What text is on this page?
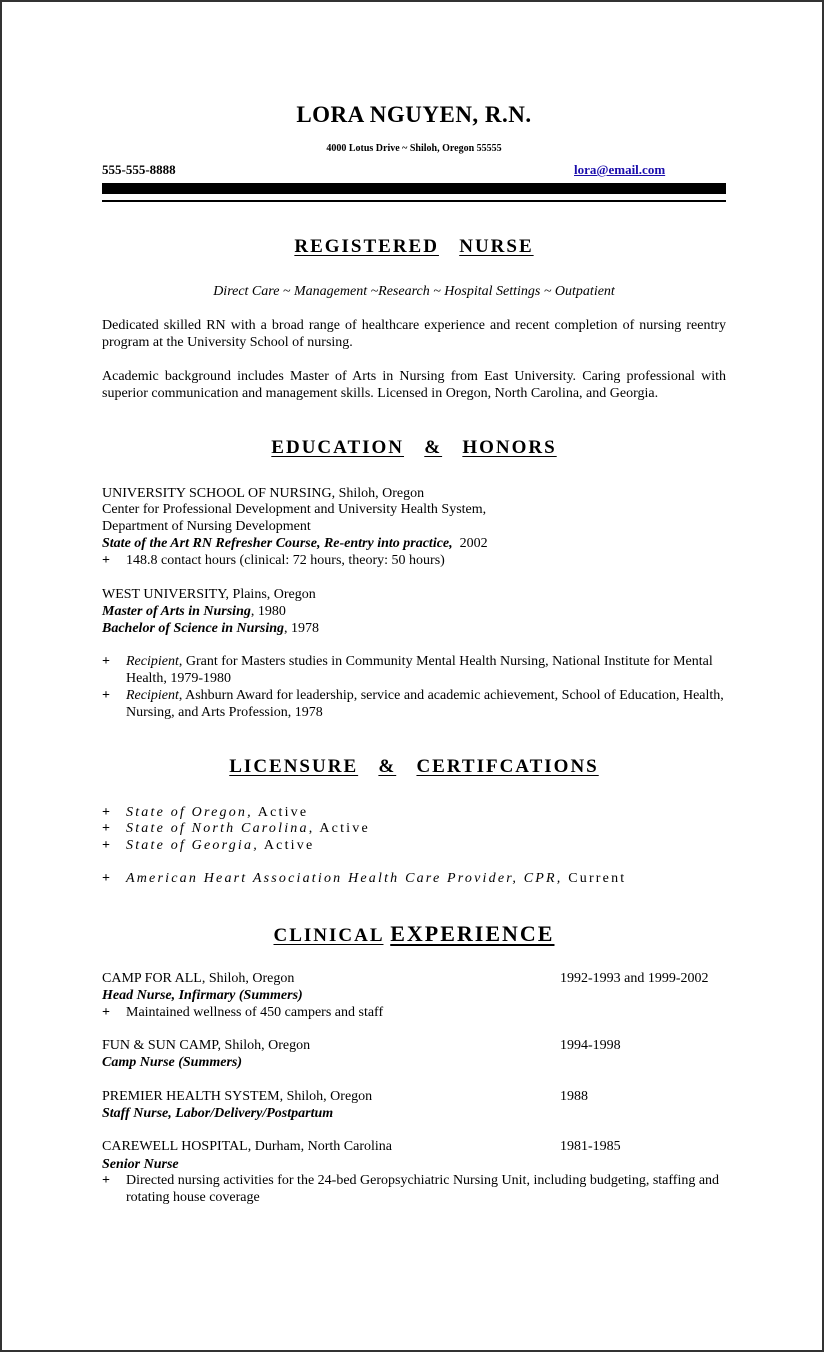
LORA NGUYEN, R.N.
4000 Lotus Drive ~ Shiloh, Oregon 55555
555-555-8888	lora@email.com
REGISTERED NURSE
Direct Care ~ Management ~Research ~ Hospital Settings ~ Outpatient
Dedicated skilled RN with a broad range of healthcare experience and recent completion of nursing reentry program at the University School of nursing.
Academic background includes Master of Arts in Nursing from East University. Caring professional with superior communication and management skills. Licensed in Oregon, North Carolina, and Georgia.
EDUCATION & HONORS
UNIVERSITY SCHOOL OF NURSING, Shiloh, Oregon
Center for Professional Development and University Health System,
Department of Nursing Development
State of the Art RN Refresher Course, Re-entry into practice, 2002
+ 148.8 contact hours (clinical: 72 hours, theory: 50 hours)
WEST UNIVERSITY, Plains, Oregon
Master of Arts in Nursing, 1980
Bachelor of Science in Nursing, 1978
+ Recipient, Grant for Masters studies in Community Mental Health Nursing, National Institute for Mental Health, 1979-1980
+ Recipient, Ashburn Award for leadership, service and academic achievement, School of Education, Health, Nursing, and Arts Profession, 1978
LICENSURE & CERTIFCATIONS
+ State of Oregon, Active
+ State of North Carolina, Active
+ State of Georgia, Active
+ American Heart Association Health Care Provider, CPR, Current
CLINICAL EXPERIENCE
CAMP FOR ALL, Shiloh, Oregon	1992-1993 and 1999-2002
Head Nurse, Infirmary (Summers)
+ Maintained wellness of 450 campers and staff
FUN & SUN CAMP, Shiloh, Oregon	1994-1998
Camp Nurse (Summers)
PREMIER HEALTH SYSTEM, Shiloh, Oregon	1988
Staff Nurse, Labor/Delivery/Postpartum
CAREWELL HOSPITAL, Durham, North Carolina	1981-1985
Senior Nurse
+ Directed nursing activities for the 24-bed Geropsychiatric Nursing Unit, including budgeting, staffing and rotating house coverage
